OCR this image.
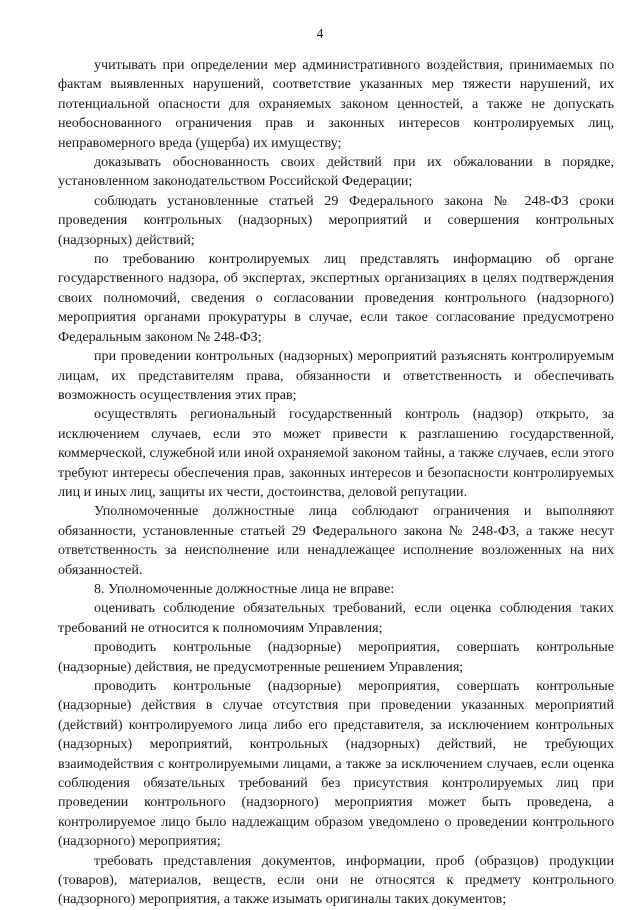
4

учитывать при определении мер административного воздействия, принимаемых по фактам выявленных нарушений, соответствие указанных мер тяжести нарушений, их потенциальной опасности для охраняемых законом ценностей, а также не допускать необоснованного ограничения прав и законных интересов контролируемых лиц, неправомерного вреда (ущерба) их имуществу;

доказывать обоснованность своих действий при их обжаловании в порядке, установленном законодательством Российской Федерации;

соблюдать установленные статьей 29 Федерального закона № 248-ФЗ сроки проведения контрольных (надзорных) мероприятий и совершения контрольных (надзорных) действий;

по требованию контролируемых лиц представлять информацию об органе государственного надзора, об экспертах, экспертных организациях в целях подтверждения своих полномочий, сведения о согласовании проведения контрольного (надзорного) мероприятия органами прокуратуры в случае, если такое согласование предусмотрено Федеральным законом № 248-ФЗ;

при проведении контрольных (надзорных) мероприятий разъяснять контролируемым лицам, их представителям права, обязанности и ответственность и обеспечивать возможность осуществления этих прав;

осуществлять региональный государственный контроль (надзор) открыто, за исключением случаев, если это может привести к разглашению государственной, коммерческой, служебной или иной охраняемой законом тайны, а также случаев, если этого требуют интересы обеспечения прав, законных интересов и безопасности контролируемых лиц и иных лиц, защиты их чести, достоинства, деловой репутации.

Уполномоченные должностные лица соблюдают ограничения и выполняют обязанности, установленные статьей 29 Федерального закона № 248-ФЗ, а также несут ответственность за неисполнение или ненадлежащее исполнение возложенных на них обязанностей.

8. Уполномоченные должностные лица не вправе:

оценивать соблюдение обязательных требований, если оценка соблюдения таких требований не относится к полномочиям Управления;

проводить контрольные (надзорные) мероприятия, совершать контрольные (надзорные) действия, не предусмотренные решением Управления;

проводить контрольные (надзорные) мероприятия, совершать контрольные (надзорные) действия в случае отсутствия при проведении указанных мероприятий (действий) контролируемого лица либо его представителя, за исключением контрольных (надзорных) мероприятий, контрольных (надзорных) действий, не требующих взаимодействия с контролируемыми лицами, а также за исключением случаев, если оценка соблюдения обязательных требований без присутствия контролируемых лиц при проведении контрольного (надзорного) мероприятия может быть проведена, а контролируемое лицо было надлежащим образом уведомлено о проведении контрольного (надзорного) мероприятия;

требовать представления документов, информации, проб (образцов) продукции (товаров), материалов, веществ, если они не относятся к предмету контрольного (надзорного) мероприятия, а также изымать оригиналы таких документов;
